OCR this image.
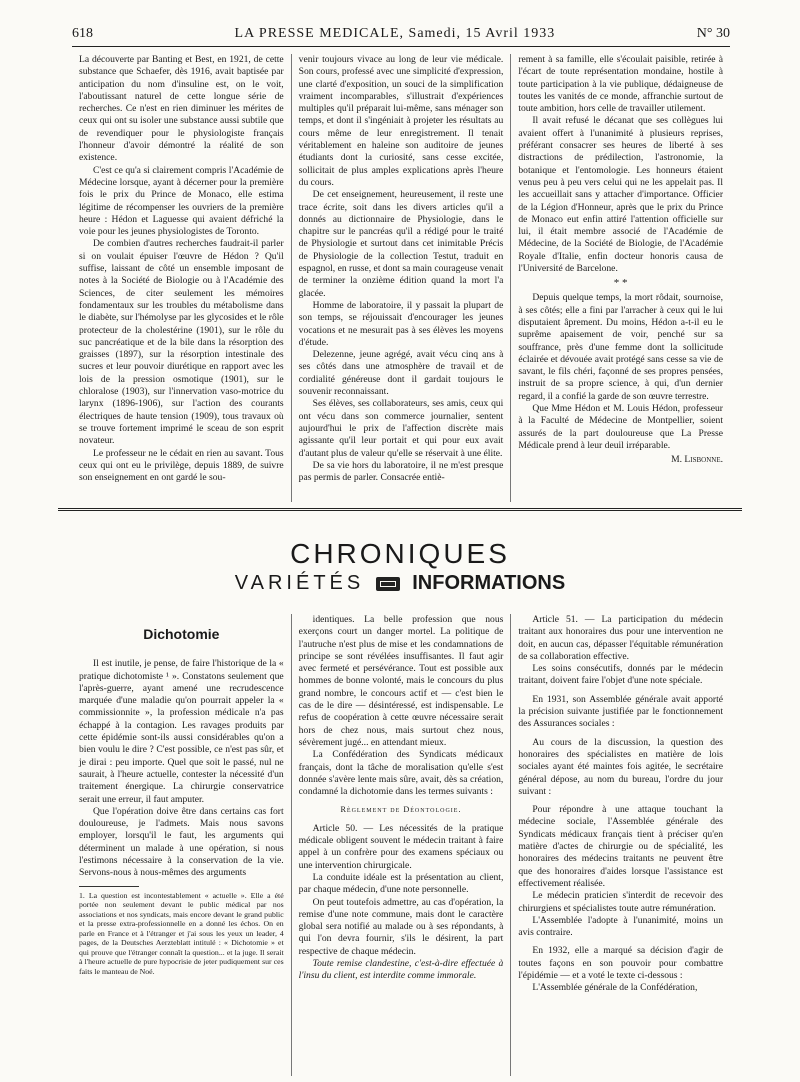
618	LA PRESSE MEDICALE, Samedi, 15 Avril 1933	N° 30

La découverte par Banting et Best, en 1921, de cette substance que Schaefer, dès 1916, avait baptisée par anticipation du nom d'insuline est, on le voit, l'aboutissant naturel de cette longue série de recherches. Ce n'est en rien diminuer les mérites de ceux qui ont su isoler une substance aussi subtile que de revendiquer pour le physiologiste français l'honneur d'avoir démontré la réalité de son existence.

C'est ce qu'a si clairement compris l'Académie de Médecine lorsque, ayant à décerner pour la première fois le prix du Prince de Monaco, elle estima légitime de récompenser les ouvriers de la première heure : Hédon et Laguesse qui avaient défriché la voie pour les jeunes physiologistes de Toronto.

De combien d'autres recherches faudrait-il parler si on voulait épuiser l'œuvre de Hédon ? Qu'il suffise, laissant de côté un ensemble imposant de notes à la Société de Biologie ou à l'Académie des Sciences, de citer seulement les mémoires fondamentaux sur les troubles du métabolisme dans le diabète, sur l'hémolyse par les glycosides et le rôle protecteur de la cholestérine (1901), sur le rôle du suc pancréatique et de la bile dans la résorption des graisses (1897), sur la résorption intestinale des sucres et leur pouvoir diurétique en rapport avec les lois de la pression osmotique (1901), sur le chloralose (1903), sur l'innervation vaso-motrice du larynx (1896-1906), sur l'action des courants électriques de haute tension (1909), tous travaux où se trouve fortement imprimé le sceau de son esprit novateur.

Le professeur ne le cédait en rien au savant. Tous ceux qui ont eu le privilège, depuis 1889, de suivre son enseignement en ont gardé le sou-

venir toujours vivace au long de leur vie médicale. Son cours, professé avec une simplicité d'expression, une clarté d'exposition, un souci de la simplification vraiment incomparables, s'illustrait d'expériences multiples qu'il préparait lui-même, sans ménager son temps, et dont il s'ingéniait à projeter les résultats au cours même de leur enregistrement. Il tenait véritablement en haleine son auditoire de jeunes étudiants dont la curiosité, sans cesse excitée, sollicitait de plus amples explications après l'heure du cours.

De cet enseignement, heureusement, il reste une trace écrite, soit dans les divers articles qu'il a donnés au dictionnaire de Physiologie, dans le chapitre sur le pancréas qu'il a rédigé pour le traité de Physiologie et surtout dans cet inimitable Précis de Physiologie de la collection Testut, traduit en espagnol, en russe, et dont sa main courageuse venait de terminer la onzième édition quand la mort l'a glacée.

Homme de laboratoire, il y passait la plupart de son temps, se réjouissait d'encourager les jeunes vocations et ne mesurait pas à ses élèves les moyens d'étude.

Delezenne, jeune agrégé, avait vécu cinq ans à ses côtés dans une atmosphère de travail et de cordialité généreuse dont il gardait toujours le souvenir reconnaissant.

Ses élèves, ses collaborateurs, ses amis, ceux qui ont vécu dans son commerce journalier, sentent aujourd'hui le prix de l'affection discrète mais agissante qu'il leur portait et qui pour eux avait d'autant plus de valeur qu'elle se réservait à une élite.

De sa vie hors du laboratoire, il ne m'est presque pas permis de parler. Consacrée entiè-

rement à sa famille, elle s'écoulait paisible, retirée à l'écart de toute représentation mondaine, hostile à toute participation à la vie publique, dédaigneuse de toutes les vanités de ce monde, affranchie surtout de toute ambition, hors celle de travailler utilement.

Il avait refusé le décanat que ses collègues lui avaient offert à l'unanimité à plusieurs reprises, préférant consacrer ses heures de liberté à ses distractions de prédilection, l'astronomie, la botanique et l'entomologie. Les honneurs étaient venus peu à peu vers celui qui ne les appelait pas. Il les accueillait sans y attacher d'importance. Officier de la Légion d'Honneur, après que le prix du Prince de Monaco eut enfin attiré l'attention officielle sur lui, il était membre associé de l'Académie de Médecine, de la Société de Biologie, de l'Académie Royale d'Italie, enfin docteur honoris causa de l'Université de Barcelone.

* *

Depuis quelque temps, la mort rôdait, sournoise, à ses côtés; elle a fini par l'arracher à ceux qui le lui disputaient âprement. Du moins, Hédon a-t-il eu le suprême apaisement de voir, penché sur sa souffrance, près d'une femme dont la sollicitude éclairée et dévouée avait protégé sans cesse sa vie de savant, le fils chéri, façonné de ses propres pensées, instruit de sa propre science, à qui, d'un dernier regard, il a confié la garde de son œuvre terrestre.

Que Mme Hédon et M. Louis Hédon, professeur à la Faculté de Médecine de Montpellier, soient assurés de la part douloureuse que La Presse Médicale prend à leur deuil irréparable.

M. Lisbonne.
CHRONIQUES
VARIÉTÉS INFORMATIONS
Dichotomie

Il est inutile, je pense, de faire l'historique de la « pratique dichotomiste ¹ ». Constatons seulement que l'après-guerre, ayant amené une recrudescence marquée d'une maladie qu'on pourrait appeler la « commissionnite », la profession médicale n'a pas échappé à la contagion. Les ravages produits par cette épidémie sont-ils aussi considérables qu'on a bien voulu le dire ? C'est possible, ce n'est pas sûr, et je dirai : peu importe. Quel que soit le passé, nul ne saurait, à l'heure actuelle, contester la nécessité d'un traitement énergique. La chirurgie conservatrice serait une erreur, il faut amputer.

Que l'opération doive être dans certains cas fort douloureuse, je l'admets. Mais nous savons employer, lorsqu'il le faut, les arguments qui déterminent un malade à une opération, si nous l'estimons nécessaire à la conservation de la vie. Servons-nous à nous-mêmes des arguments

1. La question est incontestablement « actuelle ». Elle a été portée non seulement devant le public médical par nos associations et nos syndicats, mais encore devant le grand public et la presse extra-professionnelle en a donné les échos. On en parle en France et à l'étranger et j'ai sous les yeux un leader, 4 pages, de la Deutsches Aerzteblatt intitulé : « Dichotomie » et qui prouve que l'étranger connaît la question... et la juge. Il serait à l'heure actuelle de pure hypocrisie de jeter pudiquement sur ces faits le manteau de Noé.

identiques. La belle profession que nous exerçons court un danger mortel. La politique de l'autruche n'est plus de mise et les condamnations de principe se sont révélées insuffisantes. Il faut agir avec fermeté et persévérance. Tout est possible aux hommes de bonne volonté, mais le concours du plus grand nombre, le concours actif et — c'est bien le cas de le dire — désintéressé, est indispensable. Le refus de coopération à cette œuvre nécessaire serait hors de chez nous, mais surtout chez nous, sévèrement jugé... en attendant mieux.

La Confédération des Syndicats médicaux français, dont la tâche de moralisation qu'elle s'est donnée s'avère lente mais sûre, avait, dès sa création, condamné la dichotomie dans les termes suivants :

Règlement de Déontologie.

Article 50. — Les nécessités de la pratique médicale obligent souvent le médecin traitant à faire appel à un confrère pour des examens spéciaux ou une intervention chirurgicale.

La conduite idéale est la présentation au client, par chaque médecin, d'une note personnelle.

On peut toutefois admettre, au cas d'opération, la remise d'une note commune, mais dont le caractère global sera notifié au malade ou à ses répondants, à qui l'on devra fournir, s'ils le désirent, la part respective de chaque médecin.

Toute remise clandestine, c'est-à-dire effectuée à l'insu du client, est interdite comme immorale.

Article 51. — La participation du médecin traitant aux honoraires dus pour une intervention ne doit, en aucun cas, dépasser l'équitable rémunération de sa collaboration effective.

Les soins consécutifs, donnés par le médecin traitant, doivent faire l'objet d'une note spéciale.

En 1931, son Assemblée générale avait apporté la précision suivante justifiée par le fonctionnement des Assurances sociales :

Au cours de la discussion, la question des honoraires des spécialistes en matière de lois sociales ayant été maintes fois agitée, le secrétaire général dépose, au nom du bureau, l'ordre du jour suivant :

Pour répondre à une attaque touchant la médecine sociale, l'Assemblée générale des Syndicats médicaux français tient à préciser qu'en matière d'actes de chirurgie ou de spécialité, les honoraires des médecins traitants ne peuvent être que des honoraires d'aides lorsque l'assistance est effectivement réalisée.

Le médecin praticien s'interdit de recevoir des chirurgiens et spécialistes toute autre rémunération.

L'Assemblée l'adopte à l'unanimité, moins un avis contraire.

En 1932, elle a marqué sa décision d'agir de toutes façons en son pouvoir pour combattre l'épidémie — et a voté le texte ci-dessous :

L'Assemblée générale de la Confédération,
